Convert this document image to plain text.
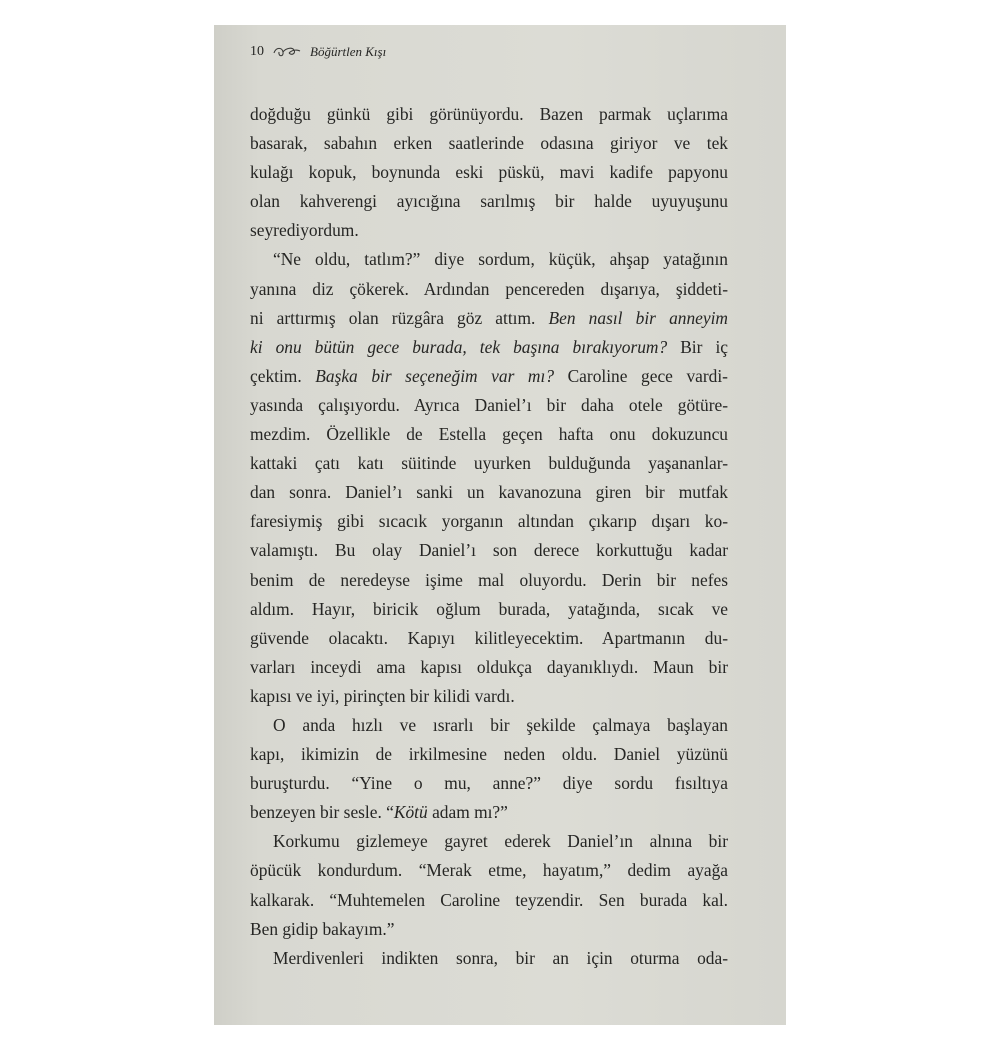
10	Böğürtlen Kışı
doğduğu günkü gibi görünüyordu. Bazen parmak uçlarıma
basarak, sabahın erken saatlerinde odasına giriyor ve tek
kulağı kopuk, boynunda eski püskü, mavi kadife papyonu
olan kahverengi ayıcığına sarılmış bir halde uyuyuşunu
seyrediyordum.
“Ne oldu, tatlım?” diye sordum, küçük, ahşap yatağının
yanına diz çökerek. Ardından pencereden dışarıya, şiddeti-
ni arttırmış olan rüzgâra göz attım. Ben nasıl bir anneyim
ki onu bütün gece burada, tek başına bırakıyorum? Bir iç
çektim. Başka bir seçeneğim var mı? Caroline gece vardi-
yasında çalışıyordu. Ayrıca Daniel’ı bir daha otele götüre-
mezdim. Özellikle de Estella geçen hafta onu dokuzuncu
kattaki çatı katı süitinde uyurken bulduğunda yaşananlar-
dan sonra. Daniel’ı sanki un kavanozuna giren bir mutfak
faresiymiş gibi sıcacık yorganın altından çıkarıp dışarı ko-
valamıştı. Bu olay Daniel’ı son derece korkuttuğu kadar
benim de neredeyse işime mal oluyordu. Derin bir nefes
aldım. Hayır, biricik oğlum burada, yatağında, sıcak ve
güvende olacaktı. Kapıyı kilitleyecektim. Apartmanın du-
varları inceydi ama kapısı oldukça dayanıklıydı. Maun bir
kapısı ve iyi, pirinçten bir kilidi vardı.
O anda hızlı ve ısrarlı bir şekilde çalmaya başlayan
kapı, ikimizin de irkilmesine neden oldu. Daniel yüzünü
buruşturdu. “Yine o mu, anne?” diye sordu fısıltıya
benzeyen bir sesle. “Kötü adam mı?”
Korkumu gizlemeye gayret ederek Daniel’ın alnına bir
öpücük kondurdum. “Merak etme, hayatım,” dedim ayağa
kalkarak. “Muhtemelen Caroline teyzendir. Sen burada kal.
Ben gidip bakayım.”
Merdivenleri indikten sonra, bir an için oturma oda-
